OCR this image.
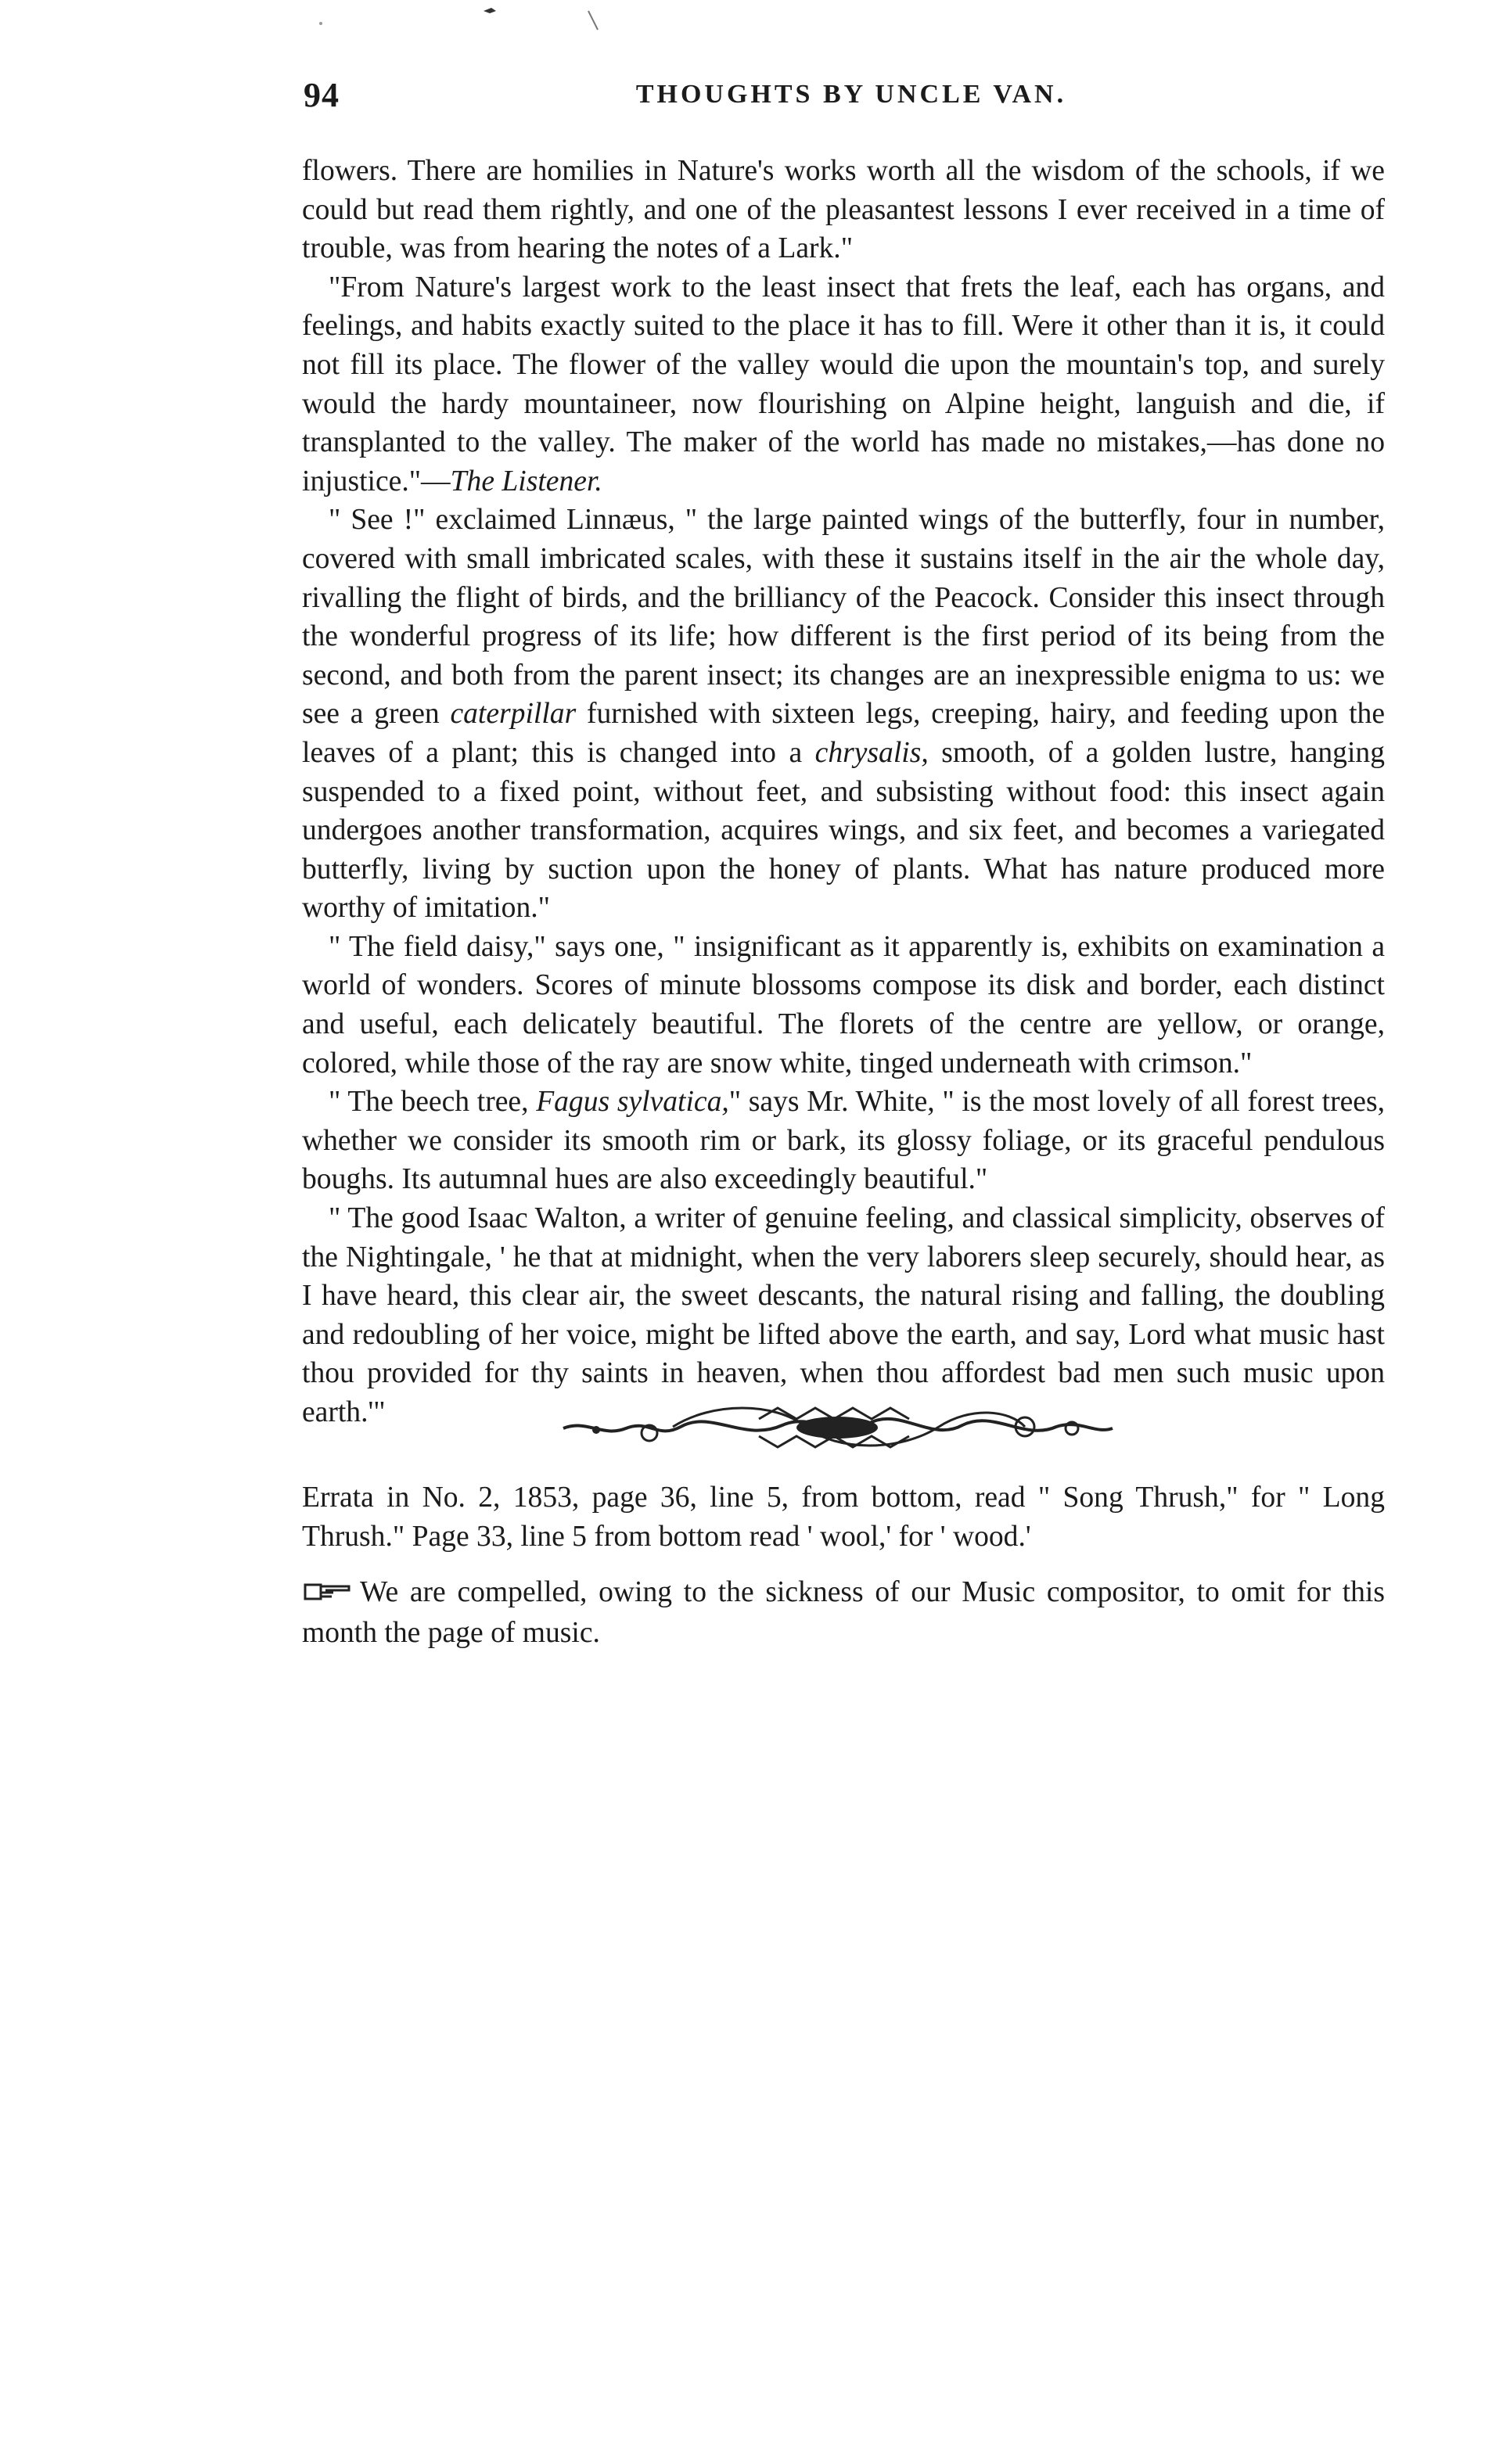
94	THOUGHTS BY UNCLE VAN.

flowers. There are homilies in Nature's works worth all the wisdom of the schools, if we could but read them rightly, and one of the pleasantest lessons I ever received in a time of trouble, was from hearing the notes of a Lark."

"From Nature's largest work to the least insect that frets the leaf, each has organs, and feelings, and habits exactly suited to the place it has to fill. Were it other than it is, it could not fill its place. The flower of the valley would die upon the mountain's top, and surely would the hardy mountaineer, now flourishing on Alpine height, languish and die, if transplanted to the valley. The maker of the world has made no mistakes,—has done no injustice."—The Listener.

" See !" exclaimed Linnæus, " the large painted wings of the butterfly, four in number, covered with small imbricated scales, with these it sustains itself in the air the whole day, rivalling the flight of birds, and the brilliancy of the Peacock. Consider this insect through the wonderful progress of its life; how different is the first period of its being from the second, and both from the parent insect; its changes are an inexpressible enigma to us: we see a green caterpillar furnished with sixteen legs, creeping, hairy, and feeding upon the leaves of a plant; this is changed into a chrysalis, smooth, of a golden lustre, hanging suspended to a fixed point, without feet, and subsisting without food: this insect again undergoes another transformation, acquires wings, and six feet, and becomes a variegated butterfly, living by suction upon the honey of plants. What has nature produced more worthy of imitation."

" The field daisy," says one, " insignificant as it apparently is, exhibits on examination a world of wonders. Scores of minute blossoms compose its disk and border, each distinct and useful, each delicately beautiful. The florets of the centre are yellow, or orange, colored, while those of the ray are snow white, tinged underneath with crimson."

" The beech tree, Fagus sylvatica," says Mr. White, " is the most lovely of all forest trees, whether we consider its smooth rim or bark, its glossy foliage, or its graceful pendulous boughs. Its autumnal hues are also exceedingly beautiful."

" The good Isaac Walton, a writer of genuine feeling, and classical simplicity, observes of the Nightingale, ' he that at midnight, when the very laborers sleep securely, should hear, as I have heard, this clear air, the sweet descants, the natural rising and falling, the doubling and redoubling of her voice, might be lifted above the earth, and say, Lord what music hast thou provided for thy saints in heaven, when thou affordest bad men such music upon earth.'"

Errata in No. 2, 1853, page 36, line 5, from bottom, read " Song Thrush," for " Long Thrush." Page 33, line 5 from bottom read ' wool,' for ' wood.'

We are compelled, owing to the sickness of our Music compositor, to omit for this month the page of music.
